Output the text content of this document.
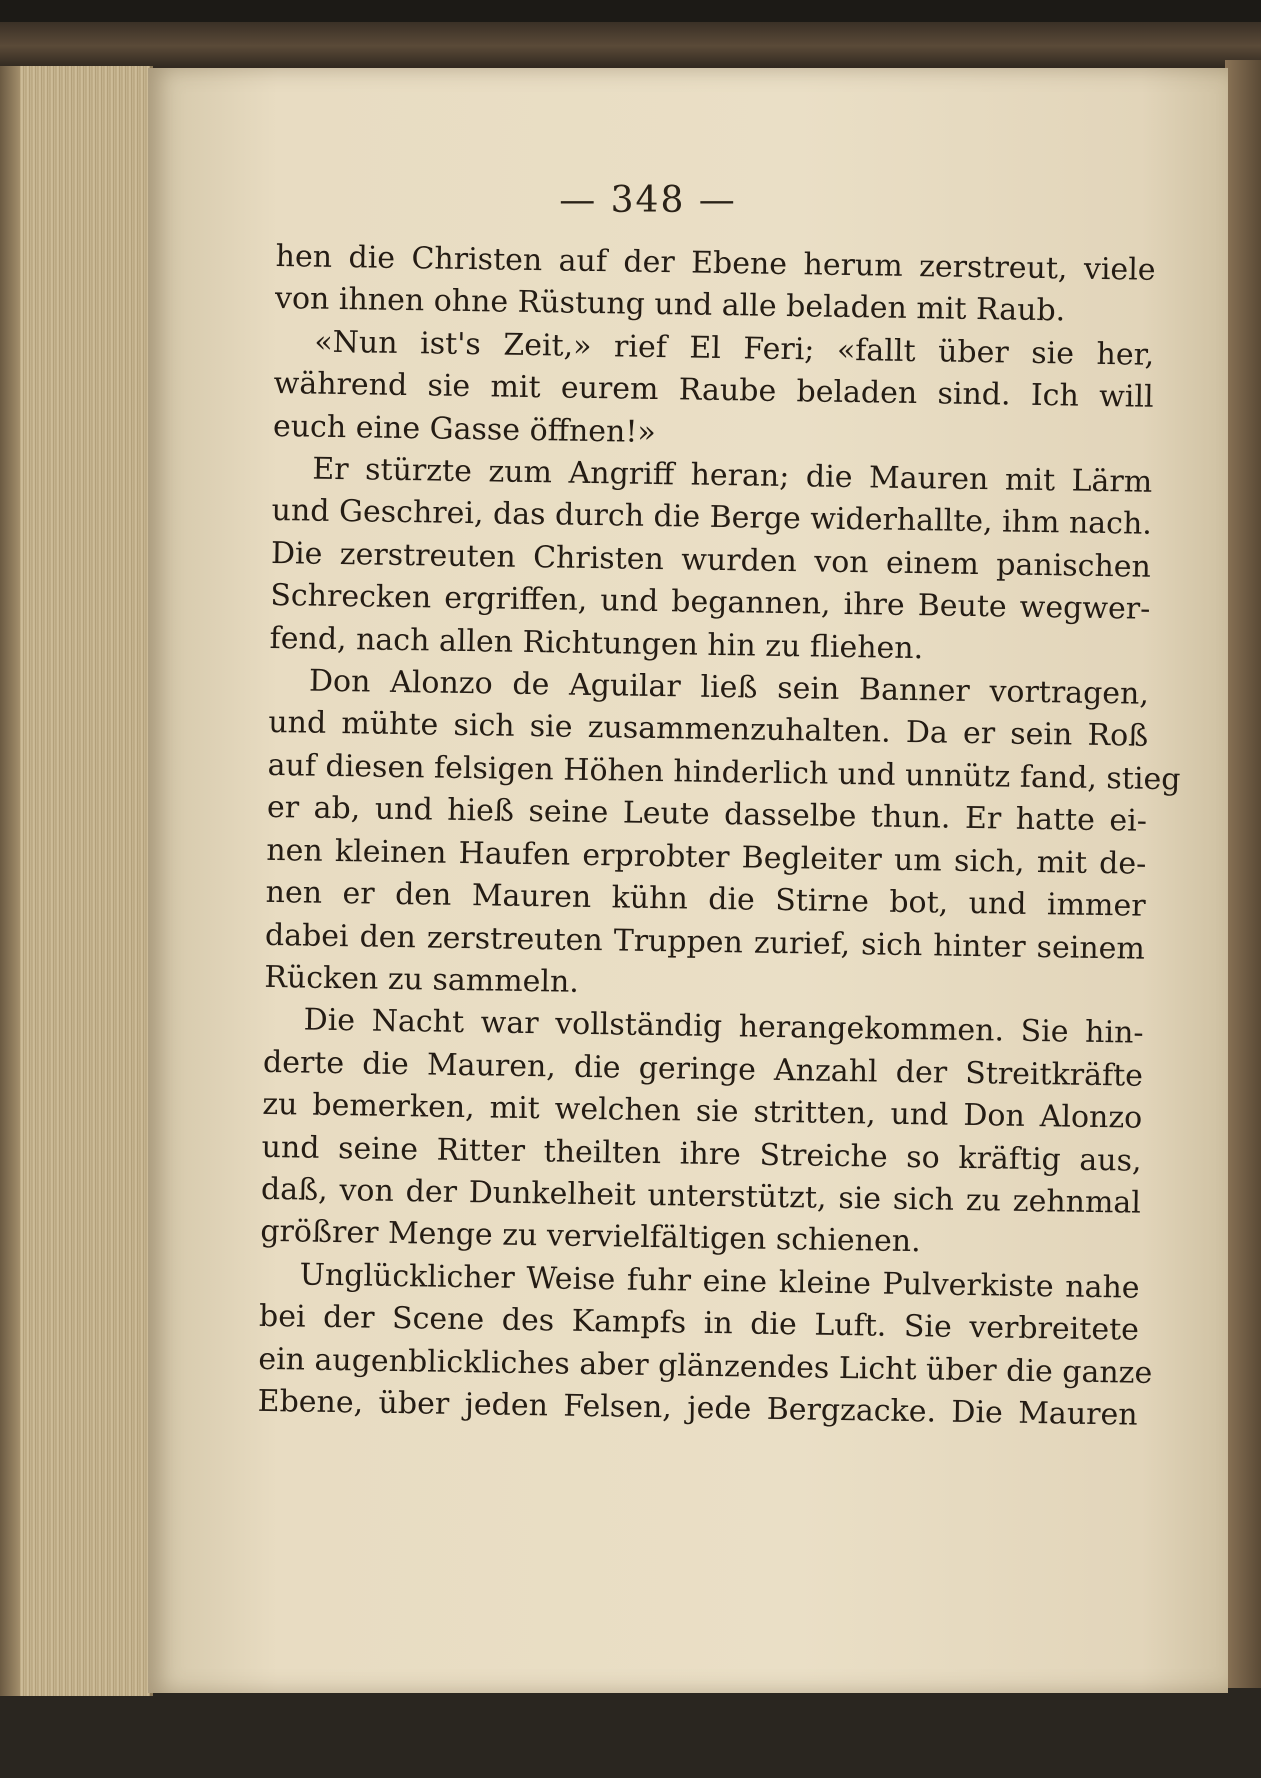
— 348 —
hen die Christen auf der Ebene herum zerstreut, viele
von ihnen ohne Rüstung und alle beladen mit Raub.
«Nun ist's Zeit,» rief El Feri; «fallt über sie her,
während sie mit eurem Raube beladen sind. Ich will
euch eine Gasse öffnen!»
Er stürzte zum Angriff heran; die Mauren mit Lärm
und Geschrei, das durch die Berge widerhallte, ihm nach.
Die zerstreuten Christen wurden von einem panischen
Schrecken ergriffen, und begannen, ihre Beute wegwer-
fend, nach allen Richtungen hin zu fliehen.
Don Alonzo de Aguilar ließ sein Banner vortragen,
und mühte sich sie zusammenzuhalten. Da er sein Roß
auf diesen felsigen Höhen hinderlich und unnütz fand, stieg
er ab, und hieß seine Leute dasselbe thun. Er hatte ei-
nen kleinen Haufen erprobter Begleiter um sich, mit de-
nen er den Mauren kühn die Stirne bot, und immer
dabei den zerstreuten Truppen zurief, sich hinter seinem
Rücken zu sammeln.
Die Nacht war vollständig herangekommen. Sie hin-
derte die Mauren, die geringe Anzahl der Streitkräfte
zu bemerken, mit welchen sie stritten, und Don Alonzo
und seine Ritter theilten ihre Streiche so kräftig aus,
daß, von der Dunkelheit unterstützt, sie sich zu zehnmal
größrer Menge zu vervielfältigen schienen.
Unglücklicher Weise fuhr eine kleine Pulverkiste nahe
bei der Scene des Kampfs in die Luft. Sie verbreitete
ein augenblickliches aber glänzendes Licht über die ganze
Ebene, über jeden Felsen, jede Bergzacke. Die Mauren
